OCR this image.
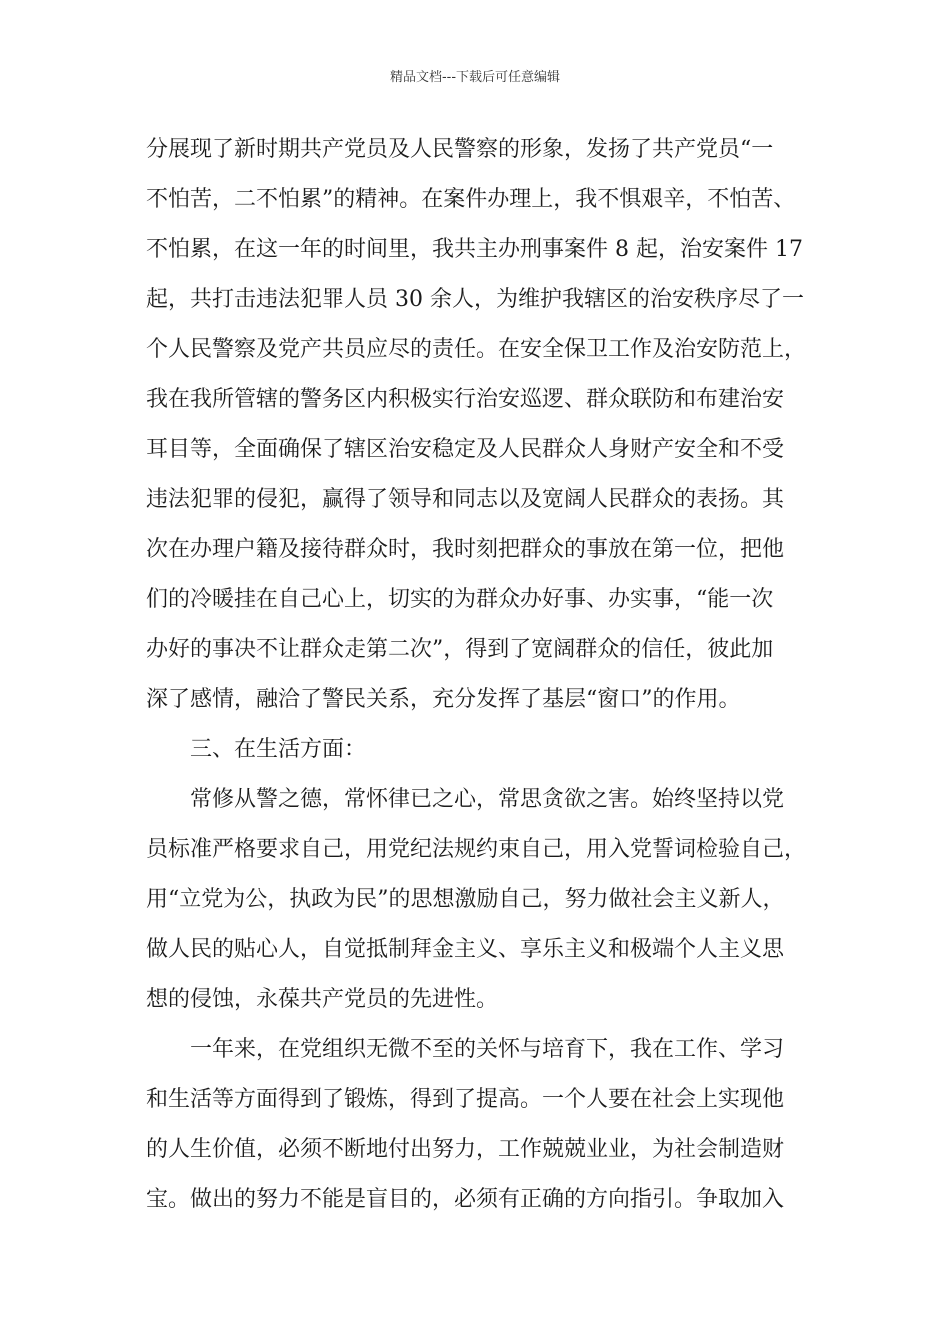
精品文档---下载后可任意编辑
分展现了新时期共产党员及人民警察的形象，发扬了共产党员“一
不怕苦，二不怕累”的精神。在案件办理上，我不惧艰辛，不怕苦、
不怕累，在这一年的时间里，我共主办刑事案件 8 起，治安案件 17
起，共打击违法犯罪人员 30 余人，为维护我辖区的治安秩序尽了一
个人民警察及党产共员应尽的责任。在安全保卫工作及治安防范上，
我在我所管辖的警务区内积极实行治安巡逻、群众联防和布建治安
耳目等，全面确保了辖区治安稳定及人民群众人身财产安全和不受
违法犯罪的侵犯，赢得了领导和同志以及宽阔人民群众的表扬。其
次在办理户籍及接待群众时，我时刻把群众的事放在第一位，把他
们的冷暖挂在自己心上，切实的为群众办好事、办实事，“能一次
办好的事决不让群众走第二次”，得到了宽阔群众的信任，彼此加
深了感情，融洽了警民关系，充分发挥了基层“窗口”的作用。
三、在生活方面：
常修从警之德，常怀律已之心，常思贪欲之害。始终坚持以党
员标准严格要求自己，用党纪法规约束自己，用入党誓词检验自己，
用“立党为公，执政为民”的思想激励自己，努力做社会主义新人，
做人民的贴心人，自觉抵制拜金主义、享乐主义和极端个人主义思
想的侵蚀，永葆共产党员的先进性。
一年来，在党组织无微不至的关怀与培育下，我在工作、学习
和生活等方面得到了锻炼，得到了提高。一个人要在社会上实现他
的人生价值，必须不断地付出努力，工作兢兢业业，为社会制造财
宝。做出的努力不能是盲目的，必须有正确的方向指引。争取加入
